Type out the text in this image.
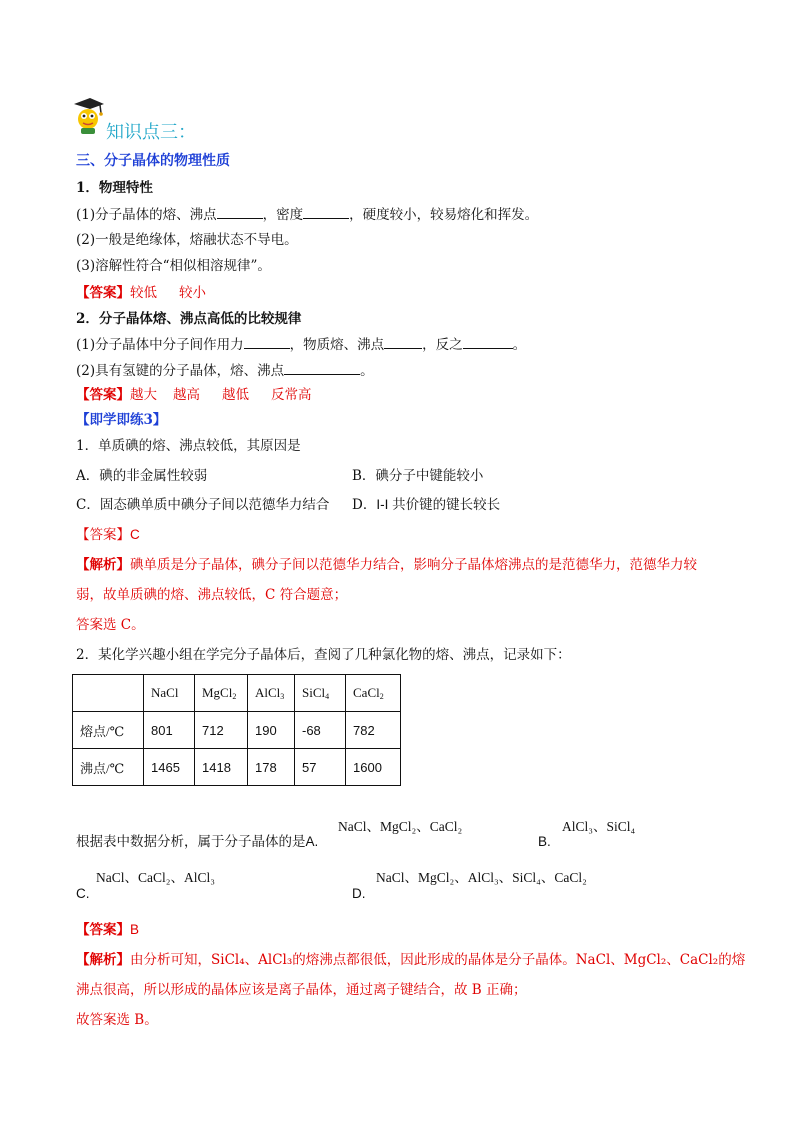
知识点三：
三、分子晶体的物理性质
1．物理特性
(1)分子晶体的熔、沸点	，密度	，硬度较小，较易熔化和挥发。
(2)一般是绝缘体，熔融状态不导电。
(3)溶解性符合“相似相溶规律”。
【答案】较低 较小
2．分子晶体熔、沸点高低的比较规律
(1)分子晶体中分子间作用力	，物质熔、沸点	，反之	。
(2)具有氢键的分子晶体，熔、沸点	。
【答案】越大 越高 越低 反常高
【即学即练3】
1．单质碘的熔、沸点较低，其原因是
A．碘的非金属性较弱	B．碘分子中键能较小
C．固态碘单质中碘分子间以范德华力结合 D．I-I 共价键的键长较长
【答案】C
【解析】碘单质是分子晶体，碘分子间以范德华力结合，影响分子晶体熔沸点的是范德华力，范德华力较
弱，故单质碘的熔、沸点较低，C 符合题意；
答案选 C。
2．某化学兴趣小组在学完分子晶体后，查阅了几种氯化物的熔、沸点，记录如下：
	NaCl	MgCl$_2$	AlCl$_3$	SiCl$_4$	CaCl$_2$
熔点/℃	801	712	190	-68	782
沸点/℃	1465	1418	178	57	1600
根据表中数据分析，属于分子晶体的是A.
NaCl、MgCl₂、CaCl₂
B.
AlCl₃、SiCl₄
C.
NaCl、CaCl₂、AlCl₃
D.
NaCl、MgCl₂、AlCl₃、SiCl₄、CaCl₂
【答案】B
【解析】由分析可知，SiCl₄、AlCl₃的熔沸点都很低，因此形成的晶体是分子晶体。NaCl、MgCl₂、CaCl₂的熔
沸点很高，所以形成的晶体应该是离子晶体，通过离子键结合，故 B 正确；
故答案选 B。
